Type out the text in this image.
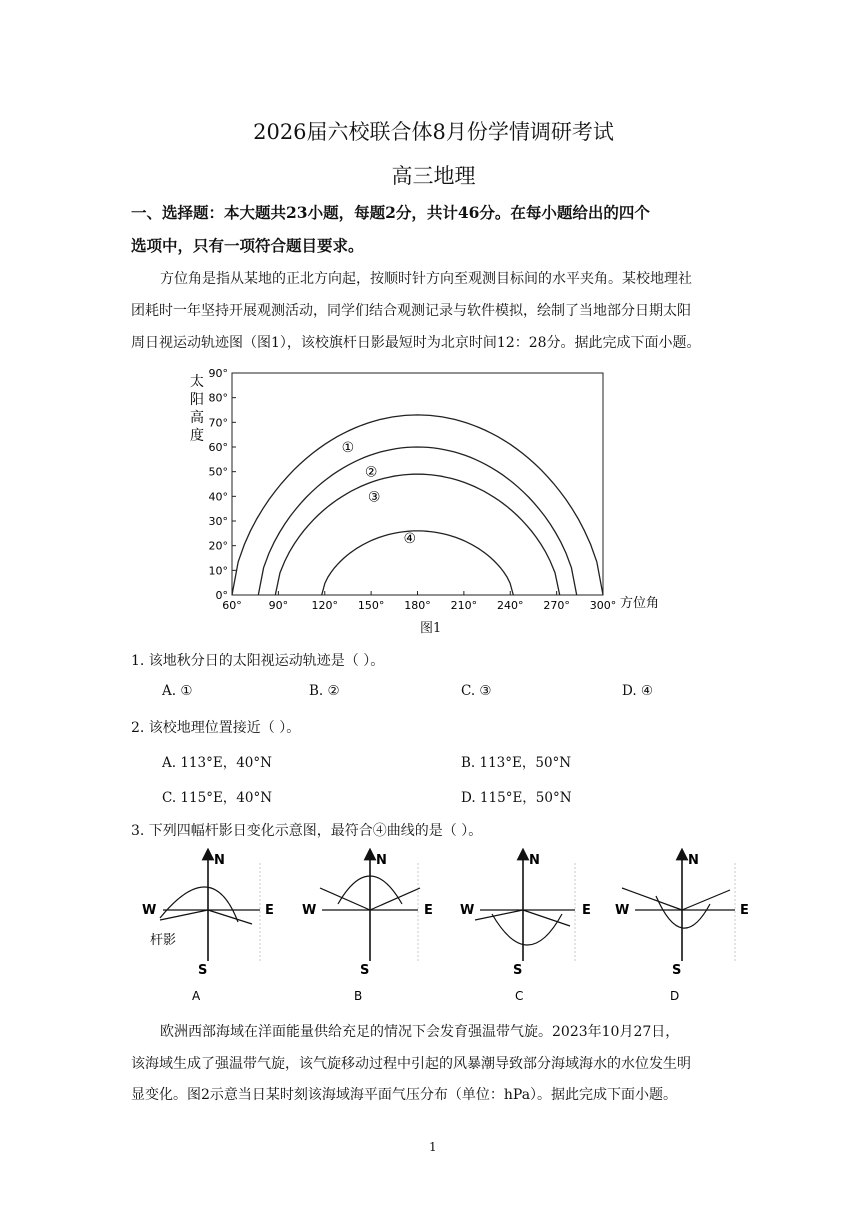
2026届六校联合体8月份学情调研考试
高三地理
一、选择题：本大题共23小题，每题2分，共计46分。在每小题给出的四个
选项中，只有一项符合题目要求。
方位角是指从某地的正北方向起，按顺时针方向至观测目标间的水平夹角。某校地理社
团耗时一年坚持开展观测活动，同学们结合观测记录与软件模拟，绘制了当地部分日期太阳
周日视运动轨迹图（图1），该校旗杆日影最短时为北京时间12：28分。据此完成下面小题。
太
阳
高
度
90°
80°
70°
60°
50°
40°
30°
20°
10°
0°
60° 90° 120° 150° 180° 210° 240° 270° 300°
①
②
③
④
方位角
图1
1. 该地秋分日的太阳视运动轨迹是（ ）。
A. ①	B. ②	C. ③	D. ④
2. 该校地理位置接近（ ）。
A. 113°E，40°N	B. 113°E，50°N
C. 115°E，40°N	D. 115°E，50°N
3. 下列四幅杆影日变化示意图，最符合④曲线的是（ ）。
N
W	E
S
杆影
A
N
W	E
S
B
N
W	E
S
C
N
W	E
S
D
欧洲西部海域在洋面能量供给充足的情况下会发育强温带气旋。2023年10月27日，
该海域生成了强温带气旋，该气旋移动过程中引起的风暴潮导致部分海域海水的水位发生明
显变化。图2示意当日某时刻该海域海平面气压分布（单位：hPa）。据此完成下面小题。
1
